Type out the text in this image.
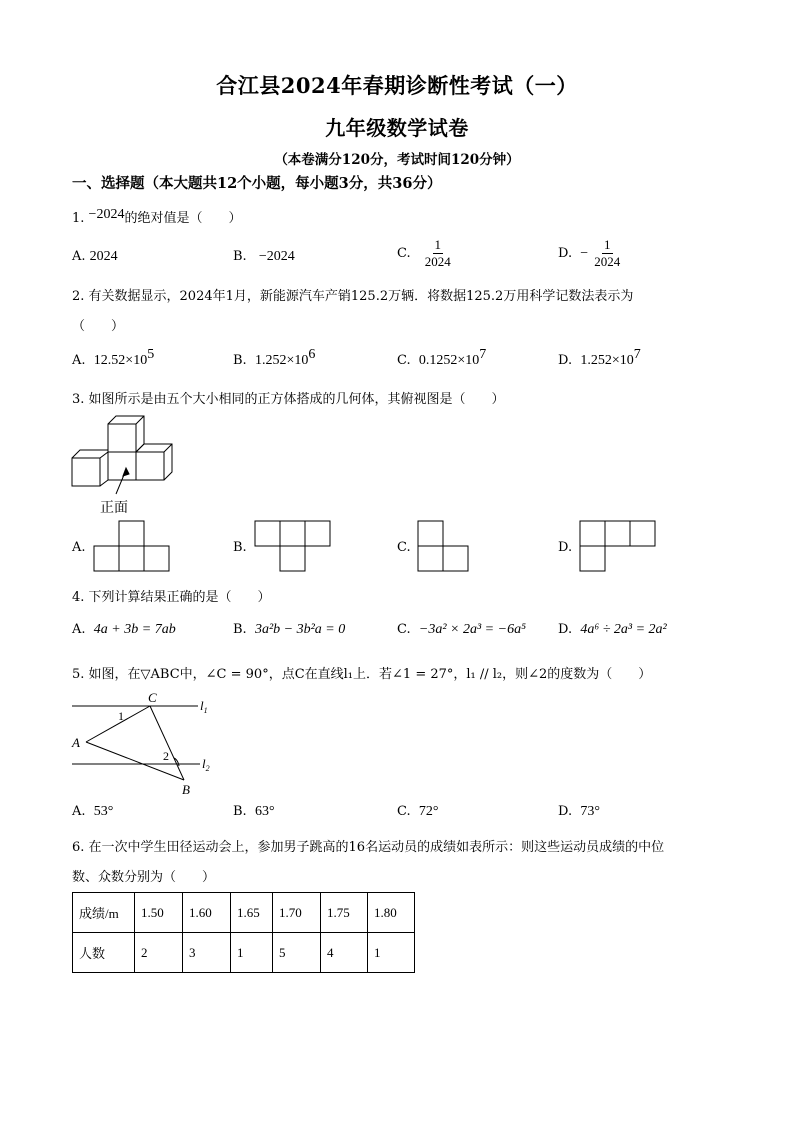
合江县2024年春期诊断性考试（一）
九年级数学试卷
（本卷满分120分，考试时间120分钟）
一、选择题（本大题共12个小题，每小题3分，共36分）
1. −2024的绝对值是（　　）
A. 2024	B. −2024	C. $\frac{1}{2024}$	D. − $\frac{1}{2024}$
2. 有关数据显示，2024年1月，新能源汽车产销125.2万辆．将数据125.2万用科学记数法表示为
（　　）
A. $12.52\times 10^5$	B. $1.252\times 10^6$	C. $0.1252\times 10^7$	D. $1.252\times 10^7$
3. 如图所示是由五个大小相同的正方体搭成的几何体，其俯视图是（　　）
正面
A.	B.	C.	D.
4. 下列计算结果正确的是（　　）
A. 4a + 3b = 7ab	B. 3a²b − 3b²a = 0	C. −3a² × 2a³ = −6a⁵ D. 4a⁶ ÷ 2a³ = 2a²
5. 如图，在▽ABC中，∠C = 90°，点C在直线l₁上．若∠1 = 27°，l₁ // l₂，则∠2的度数为（　　）
C
A
B
1
2
$l_1$
$l_2$
A. 53°	B. 63°	C. 72°	D. 73°
6. 在一次中学生田径运动会上，参加男子跳高的16名运动员的成绩如表所示：则这些运动员成绩的中位
数、众数分别为（　　）
成绩/m	1.50	1.60	1.65	1.70	1.75	1.80
人数	2	3	1	5	4	1
